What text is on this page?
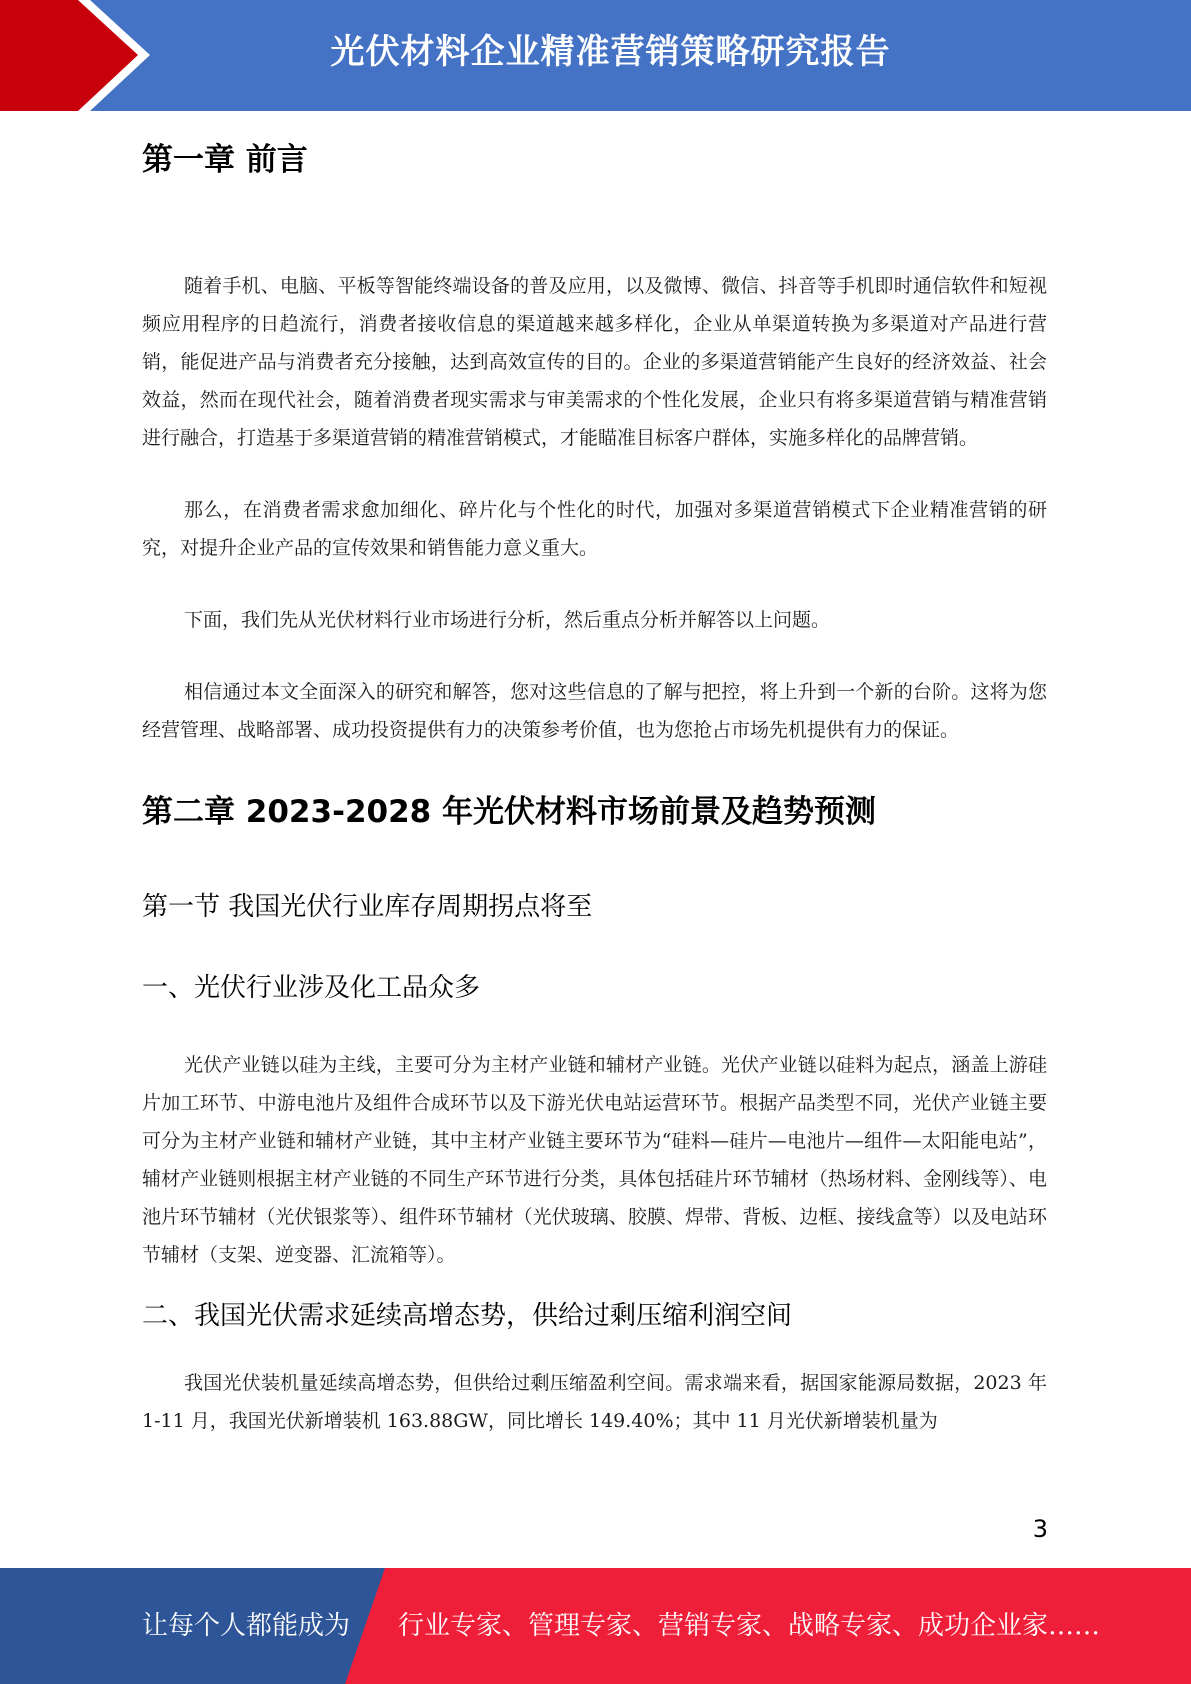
光伏材料企业精准营销策略研究报告
第一章 前言

随着手机、电脑、平板等智能终端设备的普及应用，以及微博、微信、抖音等手机即时通信软件和短视频应用程序的日趋流行，消费者接收信息的渠道越来越多样化，企业从单渠道转换为多渠道对产品进行营销，能促进产品与消费者充分接触，达到高效宣传的目的。企业的多渠道营销能产生良好的经济效益、社会效益，然而在现代社会，随着消费者现实需求与审美需求的个性化发展，企业只有将多渠道营销与精准营销进行融合，打造基于多渠道营销的精准营销模式，才能瞄准目标客户群体，实施多样化的品牌营销。

那么，在消费者需求愈加细化、碎片化与个性化的时代，加强对多渠道营销模式下企业精准营销的研究，对提升企业产品的宣传效果和销售能力意义重大。

下面，我们先从光伏材料行业市场进行分析，然后重点分析并解答以上问题。

相信通过本文全面深入的研究和解答，您对这些信息的了解与把控，将上升到一个新的台阶。这将为您经营管理、战略部署、成功投资提供有力的决策参考价值，也为您抢占市场先机提供有力的保证。

第二章 2023-2028 年光伏材料市场前景及趋势预测
第一节 我国光伏行业库存周期拐点将至
一、光伏行业涉及化工品众多

光伏产业链以硅为主线，主要可分为主材产业链和辅材产业链。光伏产业链以硅料为起点，涵盖上游硅片加工环节、中游电池片及组件合成环节以及下游光伏电站运营环节。根据产品类型不同，光伏产业链主要可分为主材产业链和辅材产业链，其中主材产业链主要环节为“硅料—硅片—电池片—组件—太阳能电站”，辅材产业链则根据主材产业链的不同生产环节进行分类，具体包括硅片环节辅材（热场材料、金刚线等）、电池片环节辅材（光伏银浆等）、组件环节辅材（光伏玻璃、胶膜、焊带、背板、边框、接线盒等）以及电站环节辅材（支架、逆变器、汇流箱等）。

二、我国光伏需求延续高增态势，供给过剩压缩利润空间

我国光伏装机量延续高增态势，但供给过剩压缩盈利空间。需求端来看，据国家能源局数据，2023 年 1-11 月，我国光伏新增装机 163.88GW，同比增长 149.40%；其中 11 月光伏新增装机量为

3
让每个人都能成为 行业专家、管理专家、营销专家、战略专家、成功企业家……
